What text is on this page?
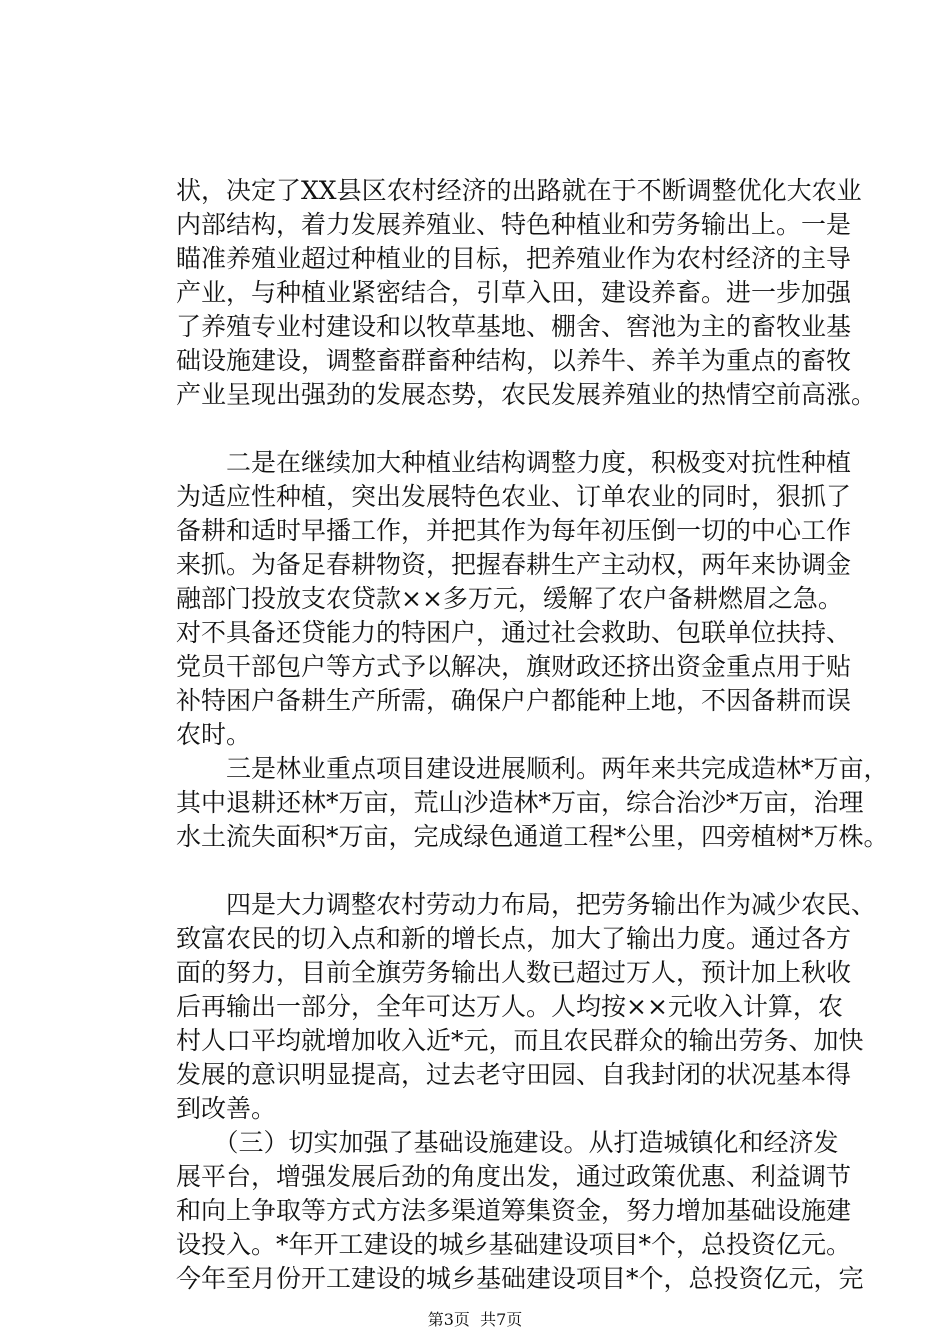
状，决定了XX县区农村经济的出路就在于不断调整优化大农业
内部结构，着力发展养殖业、特色种植业和劳务输出上。一是
瞄准养殖业超过种植业的目标，把养殖业作为农村经济的主导
产业，与种植业紧密结合，引草入田，建设养畜。进一步加强
了养殖专业村建设和以牧草基地、棚舍、窖池为主的畜牧业基
础设施建设，调整畜群畜种结构，以养牛、养羊为重点的畜牧
产业呈现出强劲的发展态势，农民发展养殖业的热情空前高涨。
　　二是在继续加大种植业结构调整力度，积极变对抗性种植
为适应性种植，突出发展特色农业、订单农业的同时，狠抓了
备耕和适时早播工作，并把其作为每年初压倒一切的中心工作
来抓。为备足春耕物资，把握春耕生产主动权，两年来协调金
融部门投放支农贷款××多万元，缓解了农户备耕燃眉之急。
对不具备还贷能力的特困户，通过社会救助、包联单位扶持、
党员干部包户等方式予以解决，旗财政还挤出资金重点用于贴
补特困户备耕生产所需，确保户户都能种上地，不因备耕而误
农时。
　　三是林业重点项目建设进展顺利。两年来共完成造林*万亩，
其中退耕还林*万亩，荒山沙造林*万亩，综合治沙*万亩，治理
水土流失面积*万亩，完成绿色通道工程*公里，四旁植树*万株。
　　四是大力调整农村劳动力布局，把劳务输出作为减少农民、
致富农民的切入点和新的增长点，加大了输出力度。通过各方
面的努力，目前全旗劳务输出人数已超过万人，预计加上秋收
后再输出一部分，全年可达万人。人均按××元收入计算，农
村人口平均就增加收入近*元，而且农民群众的输出劳务、加快
发展的意识明显提高，过去老守田园、自我封闭的状况基本得
到改善。
　　（三）切实加强了基础设施建设。从打造城镇化和经济发
展平台，增强发展后劲的角度出发，通过政策优惠、利益调节
和向上争取等方式方法多渠道筹集资金，努力增加基础设施建
设投入。*年开工建设的城乡基础建设项目*个，总投资亿元。
今年至月份开工建设的城乡基础建设项目*个，总投资亿元，完
第3页  共7页
